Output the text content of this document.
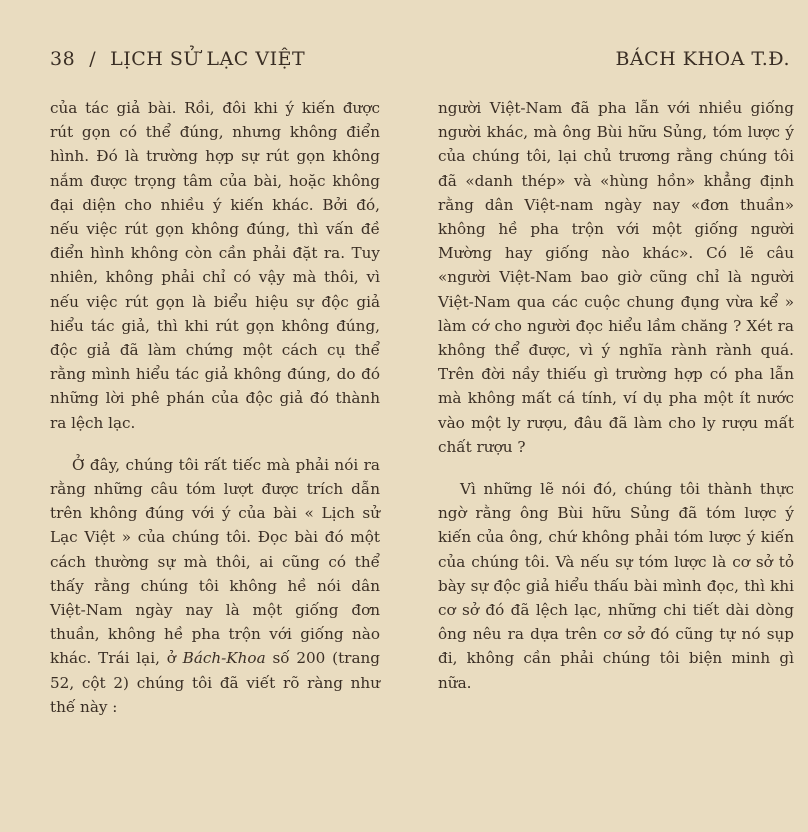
38 / LỊCH SỬ LẠC VIỆT	BÁCH KHOA T.Đ.

của tác giả bài. Rồi, đôi khi ý kiến được rút gọn có thể đúng, nhưng không điển hình. Đó là trường hợp sự rút gọn không nắm được trọng tâm của bài, hoặc không đại diện cho nhiều ý kiến khác. Bởi đó, nếu việc rút gọn không đúng, thì vấn đề điển hình không còn cần phải đặt ra. Tuy nhiên, không phải chỉ có vậy mà thôi, vì nếu việc rút gọn là biểu hiệu sự độc giả hiểu tác giả, thì khi rút gọn không đúng, độc giả đã làm chứng một cách cụ thể rằng mình hiểu tác giả không đúng, do đó những lời phê phán của độc giả đó thành ra lệch lạc.

Ở đây, chúng tôi rất tiếc mà phải nói ra rằng những câu tóm lượt được trích dẫn trên không đúng với ý của bài « Lịch sử Lạc Việt » của chúng tôi. Đọc bài đó một cách thường sự mà thôi, ai cũng có thể thấy rằng chúng tôi không hề nói dân Việt-Nam ngày nay là một giống đơn thuần, không hề pha trộn với giống nào khác. Trái lại, ở Bách-Khoa số 200 (trang 52, cột 2) chúng tôi đã viết rõ ràng như thế này :

người Việt-Nam đã pha lẫn với nhiều giống người khác, mà ông Bùi hữu Sủng, tóm lược ý của chúng tôi, lại chủ trương rằng chúng tôi đã «danh thép» và «hùng hồn» khẳng định rằng dân Việt-nam ngày nay «đơn thuần» không hề pha trộn với một giống người Mường hay giống nào khác». Có lẽ câu «người Việt-Nam bao giờ cũng chỉ là người Việt-Nam qua các cuộc chung đụng vừa kể » làm cớ cho người đọc hiểu lầm chăng ? Xét ra không thể được, vì ý nghĩa rành rành quá. Trên đời nầy thiếu gì trường hợp có pha lẫn mà không mất cá tính, ví dụ pha một ít nước vào một ly rượu, đâu đã làm cho ly rượu mất chất rượu ?

Vì những lẽ nói đó, chúng tôi thành thực ngờ rằng ông Bùi hữu Sủng đã tóm lược ý kiến của ông, chứ không phải tóm lược ý kiến của chúng tôi. Và nếu sự tóm lược là cơ sở tỏ bày sự độc giả hiểu thấu bài mình đọc, thì khi cơ sở đó đã lệch lạc, những chi tiết dài dòng ông nêu ra dựa trên cơ sở đó cũng tự nó sụp đi, không cần phải chúng tôi biện minh gì nữa.
